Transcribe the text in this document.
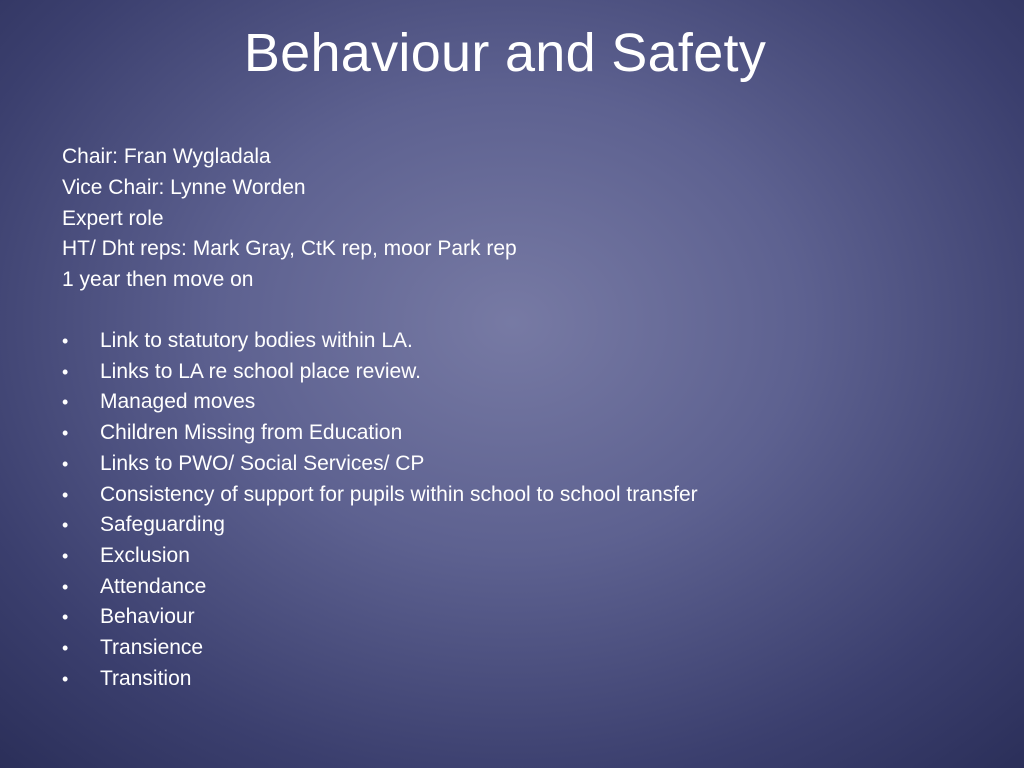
Behaviour and Safety
Chair: Fran Wygladala
Vice Chair: Lynne Worden
Expert role
HT/ Dht reps: Mark Gray, CtK rep, moor Park rep
1 year then move on
• Link to statutory bodies within LA.
• Links to LA re school place review.
• Managed moves
• Children Missing from Education
• Links to PWO/ Social Services/ CP
• Consistency of support for pupils within school to school transfer
• Safeguarding
• Exclusion
• Attendance
• Behaviour
• Transience
• Transition
